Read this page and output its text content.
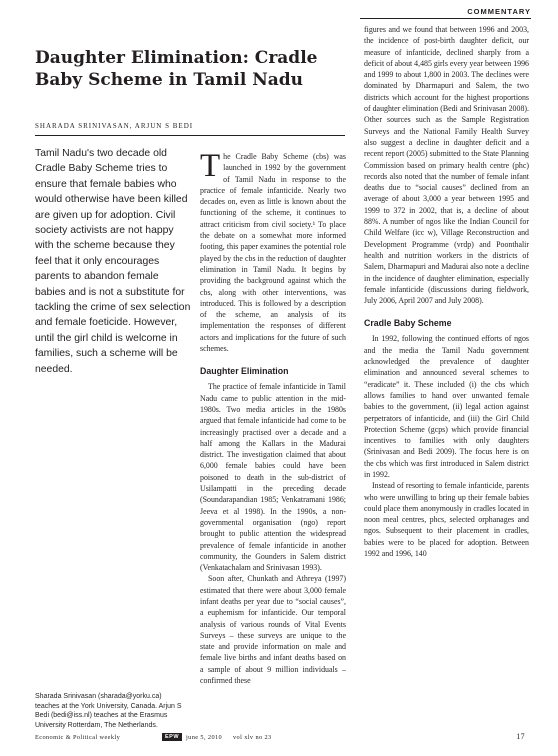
COMMENTARY
Daughter Elimination: Cradle Baby Scheme in Tamil Nadu
SHARADA SRINIVASAN, ARJUN S BEDI

Tamil Nadu's two decade old Cradle Baby Scheme tries to ensure that female babies who would otherwise have been killed are given up for adoption. Civil society activists are not happy with the scheme because they feel that it only encourages parents to abandon female babies and is not a substitute for tackling the crime of sex selection and female foeticide. However, until the girl child is welcome in families, such a scheme will be needed.

The Cradle Baby Scheme (cbs) was launched in 1992 by the government of Tamil Nadu in response to the practice of female infanticide. Nearly two decades on, even as little is known about the functioning of the scheme, it continues to attract criticism from civil society.¹ To place the debate on a somewhat more informed footing, this paper examines the potential role played by the cbs in the reduction of daughter elimination in Tamil Nadu. It begins by providing the background against which the cbs, along with other interventions, was introduced. This is followed by a description of the scheme, an analysis of its implementation the responses of different actors and implications for the future of such schemes.

Daughter Elimination

The practice of female infanticide in Tamil Nadu came to public attention in the mid-1980s. Two media articles in the 1980s argued that female infanticide had come to be increasingly practised over a decade and a half among the Kallars in the Madurai district. The investigation claimed that about 6,000 female babies could have been poisoned to death in the sub-district of Usilampatti in the preceding decade (Soundarapandian 1985; Venkatramani 1986; Jeeva et al 1998). In the 1990s, a non-governmental organisation (ngo) report brought to public attention the widespread prevalence of female infanticide in another community, the Gounders in Salem district (Venkatachalam and Srinivasan 1993).

Soon after, Chunkath and Athreya (1997) estimated that there were about 3,000 female infant deaths per year due to “social causes”, a euphemism for infanticide. Our temporal analysis of various rounds of Vital Events Surveys – these surveys are unique to the state and provide information on male and female live births and infant deaths based on a sample of about 9 million individuals – confirmed these

figures and we found that between 1996 and 2003, the incidence of post-birth daughter deficit, our measure of infanticide, declined sharply from a deficit of about 4,485 girls every year between 1996 and 1999 to about 1,800 in 2003. The declines were dominated by Dharmapuri and Salem, the two districts which account for the highest proportions of daughter elimination (Bedi and Srinivasan 2008). Other sources such as the Sample Registration Surveys and the National Family Health Survey also suggest a decline in daughter deficit and a recent report (2005) submitted to the State Planning Commission based on primary health centre (phc) records also noted that the number of female infant deaths due to “social causes” declined from an average of about 3,000 a year between 1995 and 1999 to 372 in 2002, that is, a decline of about 88%. A number of ngos like the Indian Council for Child Welfare (icc w), Village Reconstruction and Development Programme (vrdp) and Poonthalir health and nutrition workers in the districts of Salem, Dharmapuri and Madurai also note a decline in the incidence of daughter elimination, especially female infanticide (discussions during fieldwork, July 2006, April 2007 and July 2008).

Cradle Baby Scheme

In 1992, following the continued efforts of ngos and the media the Tamil Nadu government acknowledged the prevalence of daughter elimination and announced several schemes to “eradicate” it. These included (i) the cbs which allows families to hand over unwanted female babies to the government, (ii) legal action against perpetrators of infanticide, and (iii) the Girl Child Protection Scheme (gcps) which provide financial incentives to families with only daughters (Srinivasan and Bedi 2009). The focus here is on the cbs which was first introduced in Salem district in 1992.

Instead of resorting to female infanticide, parents who were unwilling to bring up their female babies could place them anonymously in cradles located in noon meal centres, phcs, selected orphanages and ngos. Subsequent to their placement in cradles, babies were to be placed for adoption. Between 1992 and 1996, 140

Sharada Srinivasan (sharada@yorku.ca) teaches at the York University, Canada. Arjun S Bedi (bedi@iss.nl) teaches at the Erasmus University Rotterdam, The Netherlands.

Economic & Political weekly	EPW	june 5, 2010 vol xlv no 23	17
